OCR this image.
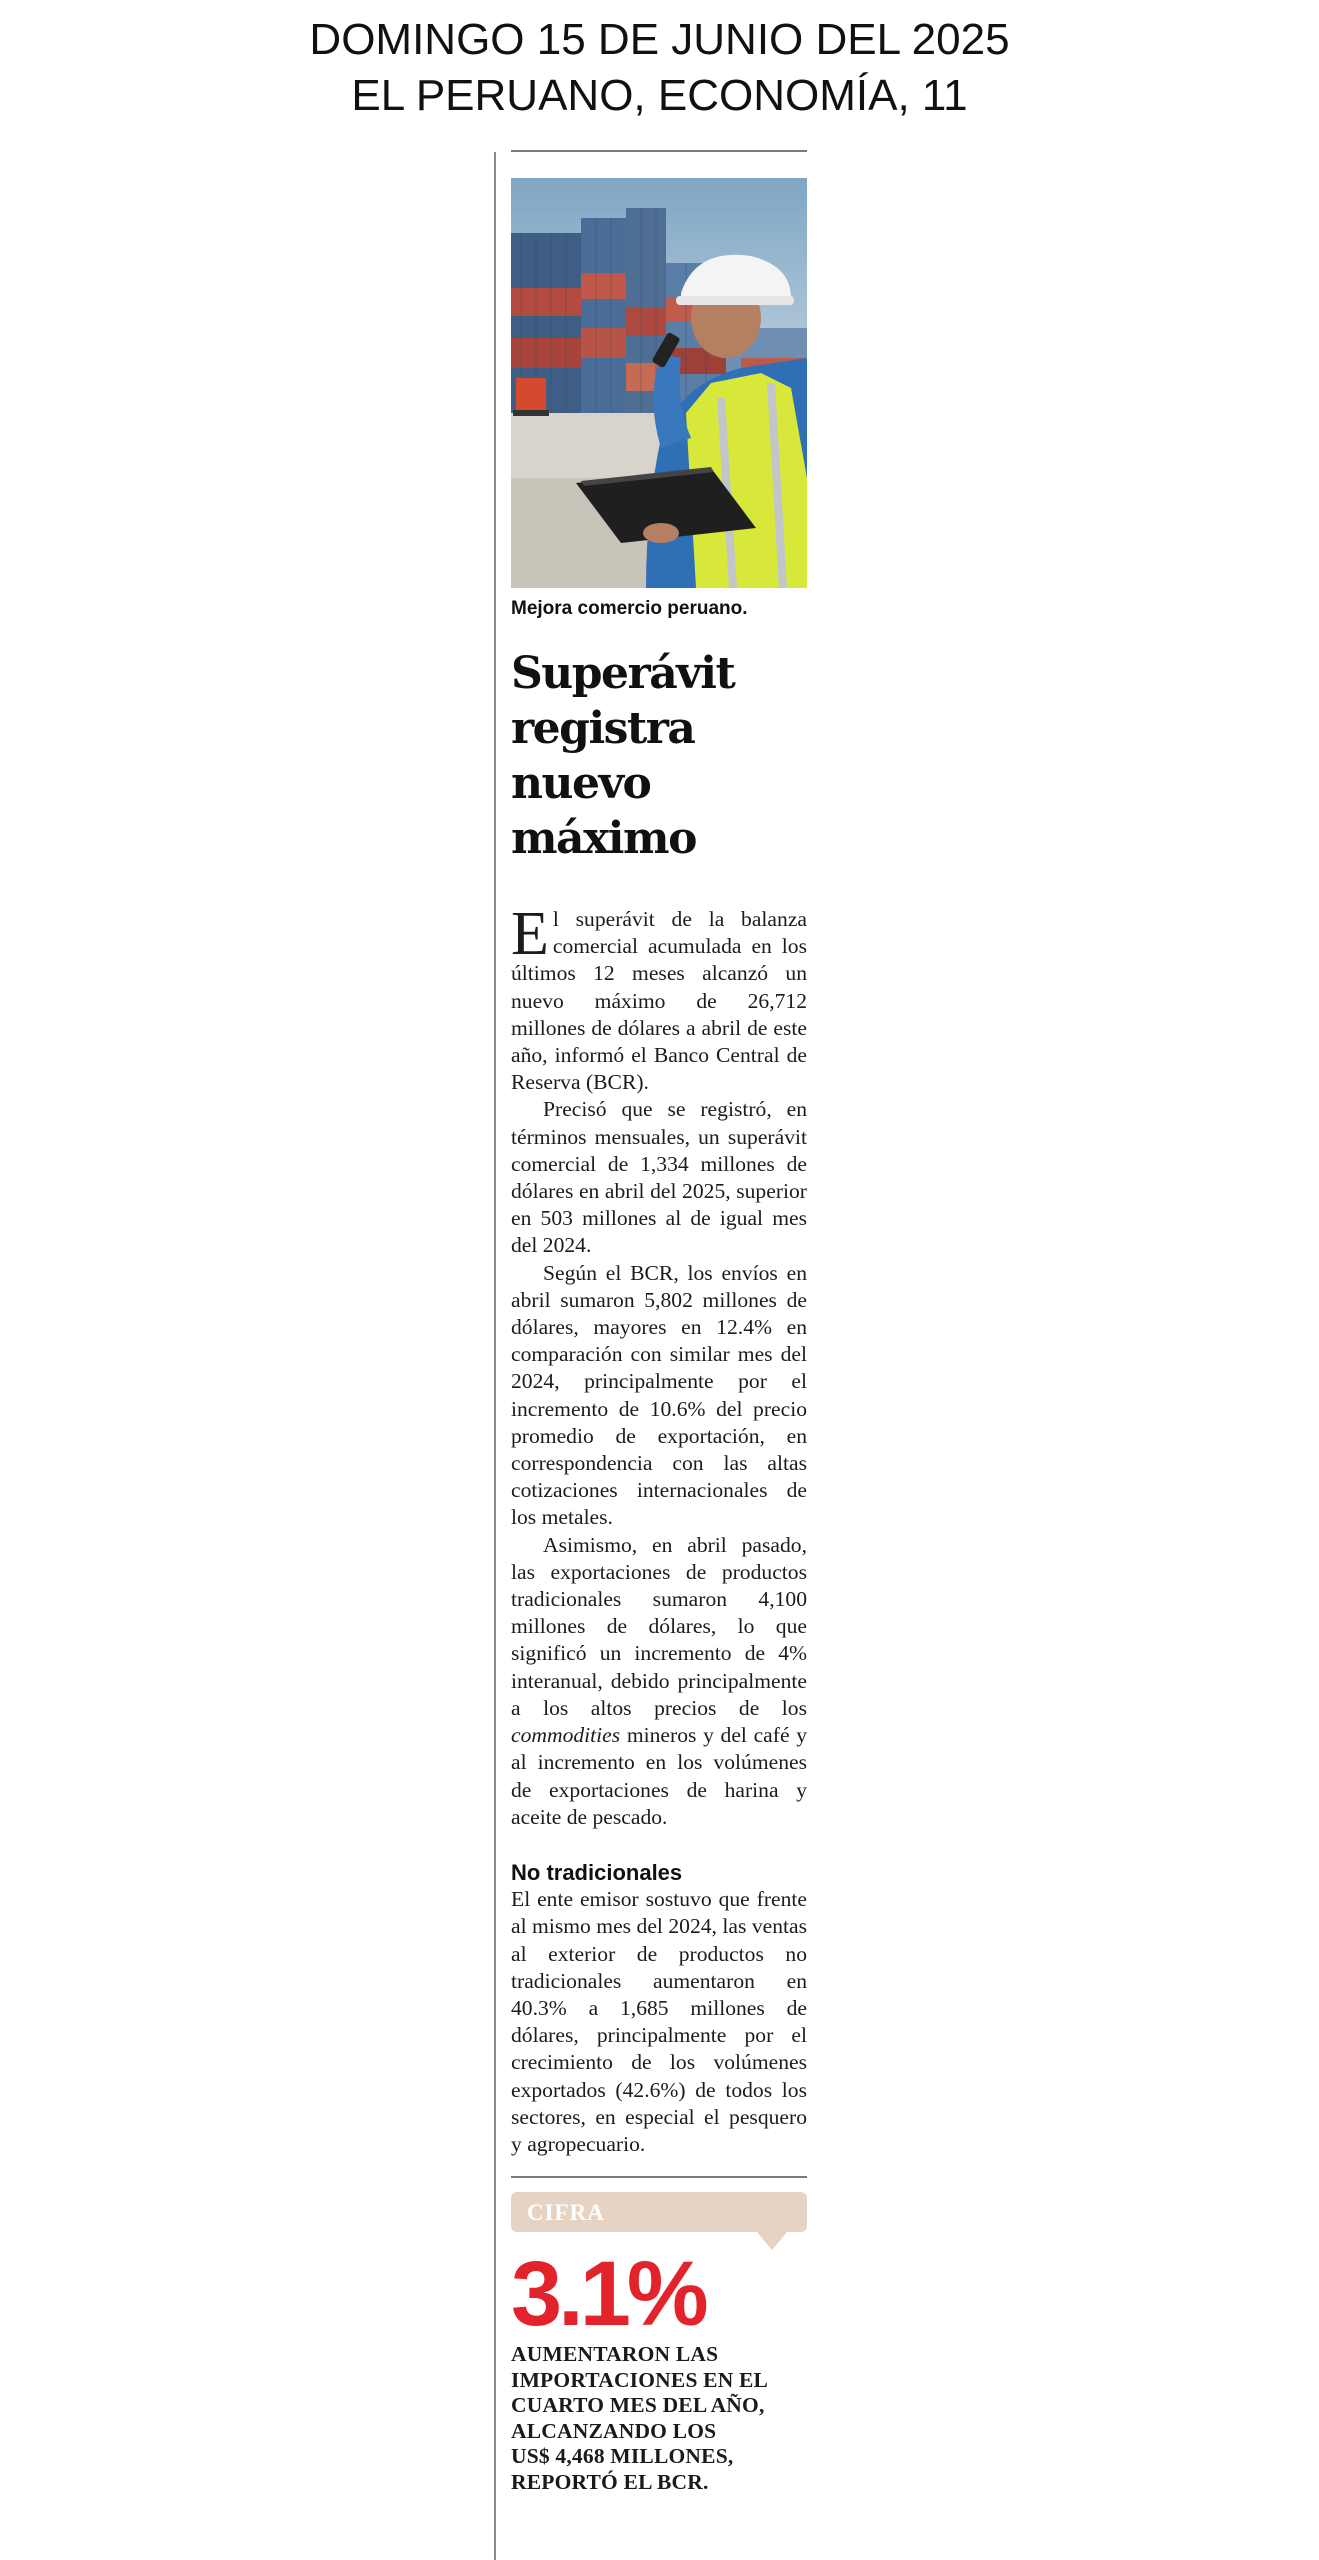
DOMINGO 15 DE JUNIO DEL 2025
EL PERUANO, ECONOMÍA, 11
Mejora comercio peruano.
Superávit
registra
nuevo
máximo

El superávit de la balanza comercial acumulada en los últimos 12 meses alcanzó un nuevo máximo de 26,712 millones de dólares a abril de este año, informó el Banco Central de Reserva (BCR).

Precisó que se registró, en términos mensuales, un superávit comercial de 1,334 millones de dólares en abril del 2025, superior en 503 millones al de igual mes del 2024.

Según el BCR, los envíos en abril sumaron 5,802 millones de dólares, mayores en 12.4% en comparación con similar mes del 2024, principalmente por el incremento de 10.6% del precio promedio de exportación, en correspondencia con las altas cotizaciones internacionales de los metales.

Asimismo, en abril pasado, las exportaciones de productos tradicionales sumaron 4,100 millones de dólares, lo que significó un incremento de 4% interanual, debido principalmente a los altos precios de los commodities mineros y del café y al incremento en los volúmenes de exportaciones de harina y aceite de pescado.

No tradicionales

El ente emisor sostuvo que frente al mismo mes del 2024, las ventas al exterior de productos no tradicionales aumentaron en 40.3% a 1,685 millones de dólares, principalmente por el crecimiento de los volúmenes exportados (42.6%) de todos los sectores, en especial el pesquero y agropecuario.

CIFRA
3.1%
AUMENTARON LAS
IMPORTACIONES EN EL
CUARTO MES DEL AÑO,
ALCANZANDO LOS
US$ 4,468 MILLONES,
REPORTÓ EL BCR.
